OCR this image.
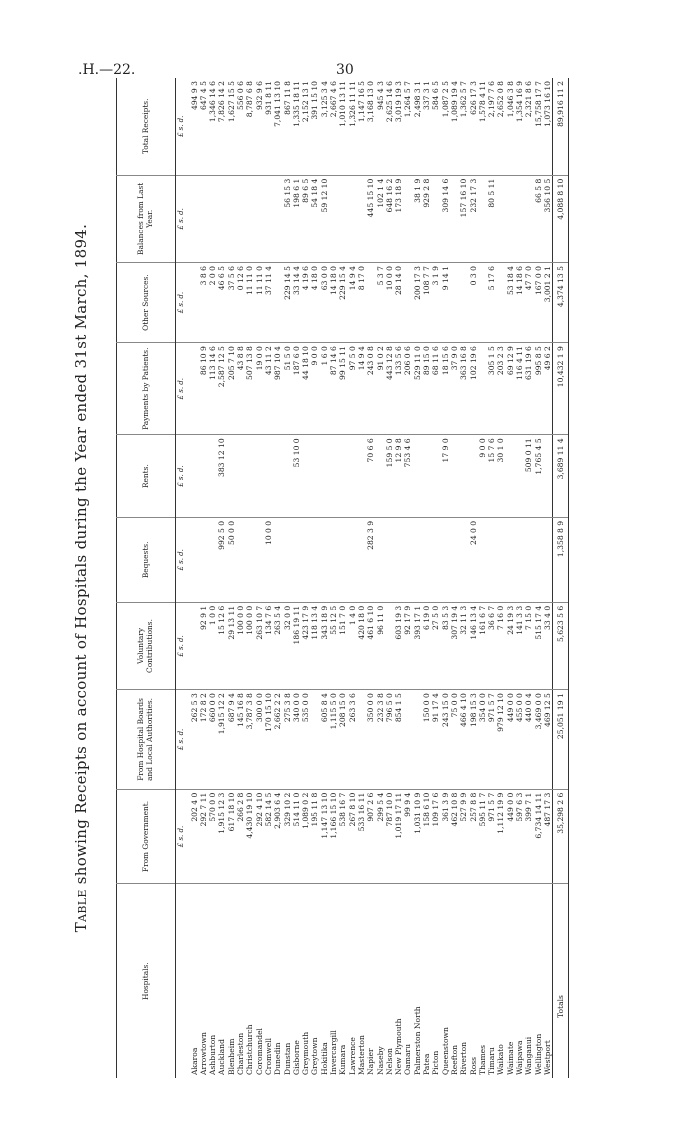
.H.—22.	30
Table showing Receipts on account of Hospitals during the Year ended 31st March, 1894.
Hospitals.	From Government.	From Hospital Boards and Local Authorities.	Voluntary Contributions.	Bequests.	Rents.	Payments by Patients.	Other Sources.	Balances from Last Year.	Total Receipts.
	£ s. d.	£ s. d.	£ s. d.	£ s. d.	£ s. d.	£ s. d.	£ s. d.	£ s. d.	£ s. d.
Akaroa	202 4 0	262 5 3							494 9 3
Arrowtown	292 7 11	172 8 2	92 9 1			86 10 9	3 8 6		647 4 5
Ashburton	570 0 0	660 0 0	1 0 0			113 14 6	2 0 0		1,346 14 6
Auckland	1,915 12 3	1,915 12 2	15 12 6	992 5 0	383 12 10	2,587 12 5	46 6 5		7,826 14 2
Blenheim	617 18 10	687 9 4	29 13 11	50 0 0		205 7 10	37 5 6		1,627 15 5
Charleston	266 2 8	145 16 8	100 0 0			43 8 8	0 12 6		556 0 6
Christchurch	4,430 19 10	3,787 3 8	100 0 0			507 13 8	11 11 0		8,787 6 8
Coromandel	292 4 10	300 0 0	263 10 7			19 0 0	11 11 0		932 9 6
Cromwell	582 14 5	170 15 10	134 7 6	10 0 0		43 11 2	37 11 4		931 8 11
Dunedin	2,903 6 4	2,662 2 2	263 5 4			987 10 4			7,041 13 10
Dunstan	329 10 2	275 3 8	32 0 0			51 5 0	229 14 5	56 15 3	867 11 8
Gisborne	514 11 0	340 0 0	186 19 11		53 10 0	187 6 0	33 14 4	198 6 1	1,335 18 11
Greymouth	1,089 0 2	535 0 0	423 17 9			44 18 10	4 19 6	89 6 5	2,152 13 1
Greytown	195 11 8		118 13 4			9 0 0	4 18 0	54 18 4	391 15 10
Hokitika	1,147 13 10	605 8 4	343 18 9			1 6 0	63 0 0	59 12 10	3,125 3 4
Invercargill	1,166 15 10	1,115 5 0	55 12 5			87 14 6	14 18 0		2,667 4 6
Kumara	538 16 7	208 15 0	151 7 0			99 15 11	229 15 4		1,010 13 11
Lawrence	267 8 10	263 3 6	1 4 0			97 5 0	14 9 4		1,326 11 11
Masterton	533 16 11		420 18 0			14 9 4	8 17 0		1,147 16 5
Napier	907 2 6	350 0 0	461 6 10	282 3 9	70 6 6	243 0 8		445 15 10	3,168 13 0
Naseby	299 5 4	232 3 8	96 11 0			91 0 2	5 3 7	102 1 4	945 4 3
Nelson	787 10 0	796 5 0			159 5 0	443 12 8	10 0 0	648 16 2	2,625 14 6
New Plymouth	1,019 17 11	854 1 5	603 19 3		12 9 8	133 5 6	28 14 0	173 18 9	3,019 19 3
Oamaru	99 9 4		92 17 9		753 4 6	206 0 6			1,264 5 7
Palmerston North	1,031 10 9		393 17 1			529 11 0	200 17 3	38 1 9	2,498 3 1
Patea	158 6 10	150 0 0	6 19 0			89 15 0	108 7 7	929 2 8	337 3 1
Picton	109 17 6	91 17 4	27 5 0			68 11 6	3 1 9		584 6 5
Queenstown	361 3 9	243 15 0	83 5 3		17 9 0	18 15 6	9 14 1	309 14 6	1,087 2 5
Reefton	462 10 8	75 0 0	307 19 4			37 9 0			1,089 19 4
Riverton	527 9 9	466 4 10	32 11 3			363 16 8		157 16 10	1,362 5 7
Ross	257 8 8	198 15 3	146 13 4	24 0 0		102 19 6	0 3 0	232 17 3	626 17 3
Thames	595 11 7	354 0 0	161 6 7		9 0 0				1,578 4 11
Timaru	971 5 7	971 5 7	36 6 7		15 7 6	305 1 5	5 17 6	80 5 11	2,197 7 6
Waikato	1,112 19 9	979 12 10	7 16 0		30 1 0	203 2 3			2,652 0 8
Waimate	449 0 0	449 0 0	24 19 3			69 12 9	53 18 4		1,046 3 8
Waipawa	597 6 3	455 0 0	141 3 3			116 4 11	14 18 6		1,354 16 9
Wanganui	399 7 1	440 0 4	7 15 0		509 0 11	631 19 6	47 7 0		2,321 8 6
Wellington	6,734 14 11	3,469 0 0	515 17 4		1,765 4 5	995 8 5	167 0 0	66 5 8	15,758 17 7
Westport	487 17 3	469 12 5	33 4 0			49 6 2	3,001 2 1	356 10 5	1,073 16 10
Totals	35,298 2 6	25,051 19 1	5,623 5 6	1,358 8 9	3,689 11 4	10,432 1 9	4,374 13 5	4,088 8 10	89,916 11 2
